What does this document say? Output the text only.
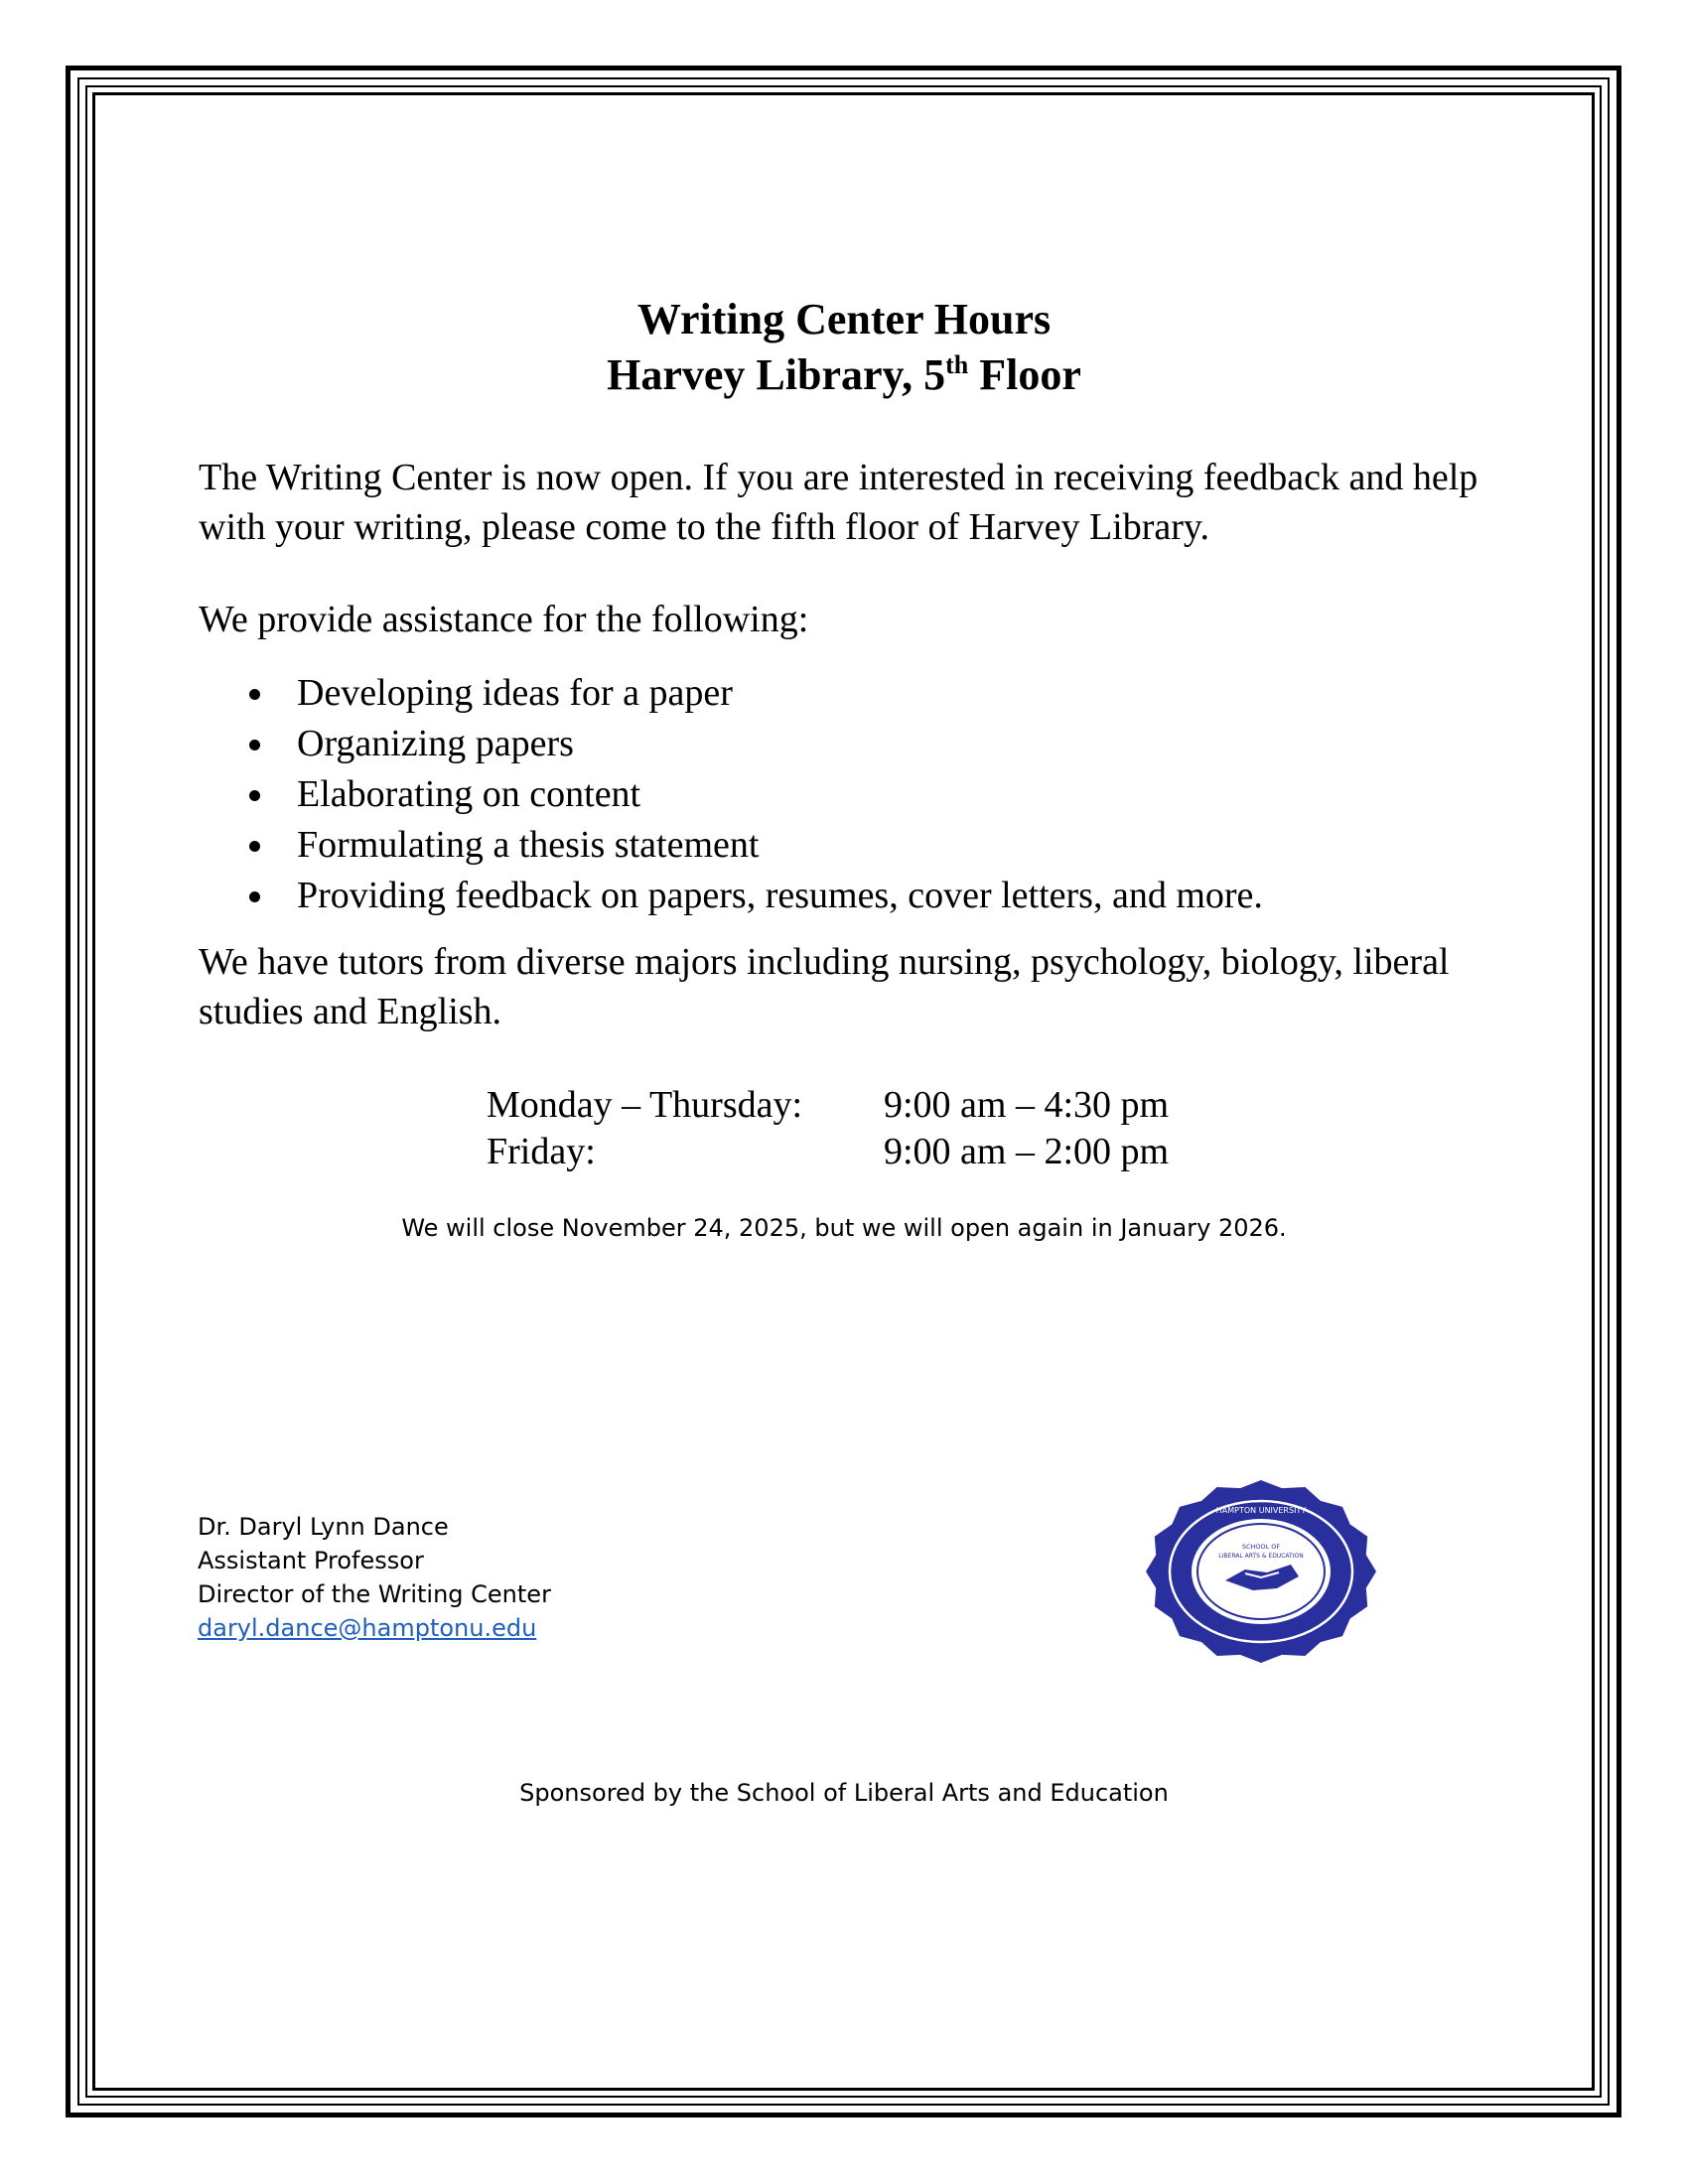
Writing Center Hours
Harvey Library, 5th Floor

The Writing Center is now open. If you are interested in receiving feedback and help with your writing, please come to the fifth floor of Harvey Library.

We provide assistance for the following:

Developing ideas for a paper
Organizing papers
Elaborating on content
Formulating a thesis statement
Providing feedback on papers, resumes, cover letters, and more.

We have tutors from diverse majors including nursing, psychology, biology, liberal studies and English.

Monday – Thursday:	9:00 am – 4:30 pm
Friday:	9:00 am – 2:00 pm
We will close November 24, 2025, but we will open again in January 2026.
Dr. Daryl Lynn Dance
Assistant Professor
Director of the Writing Center
daryl.dance@hamptonu.edu
HAMPTON UNIVERSITY
SCHOOL OF
LIBERAL ARTS & EDUCATION
Sponsored by the School of Liberal Arts and Education
